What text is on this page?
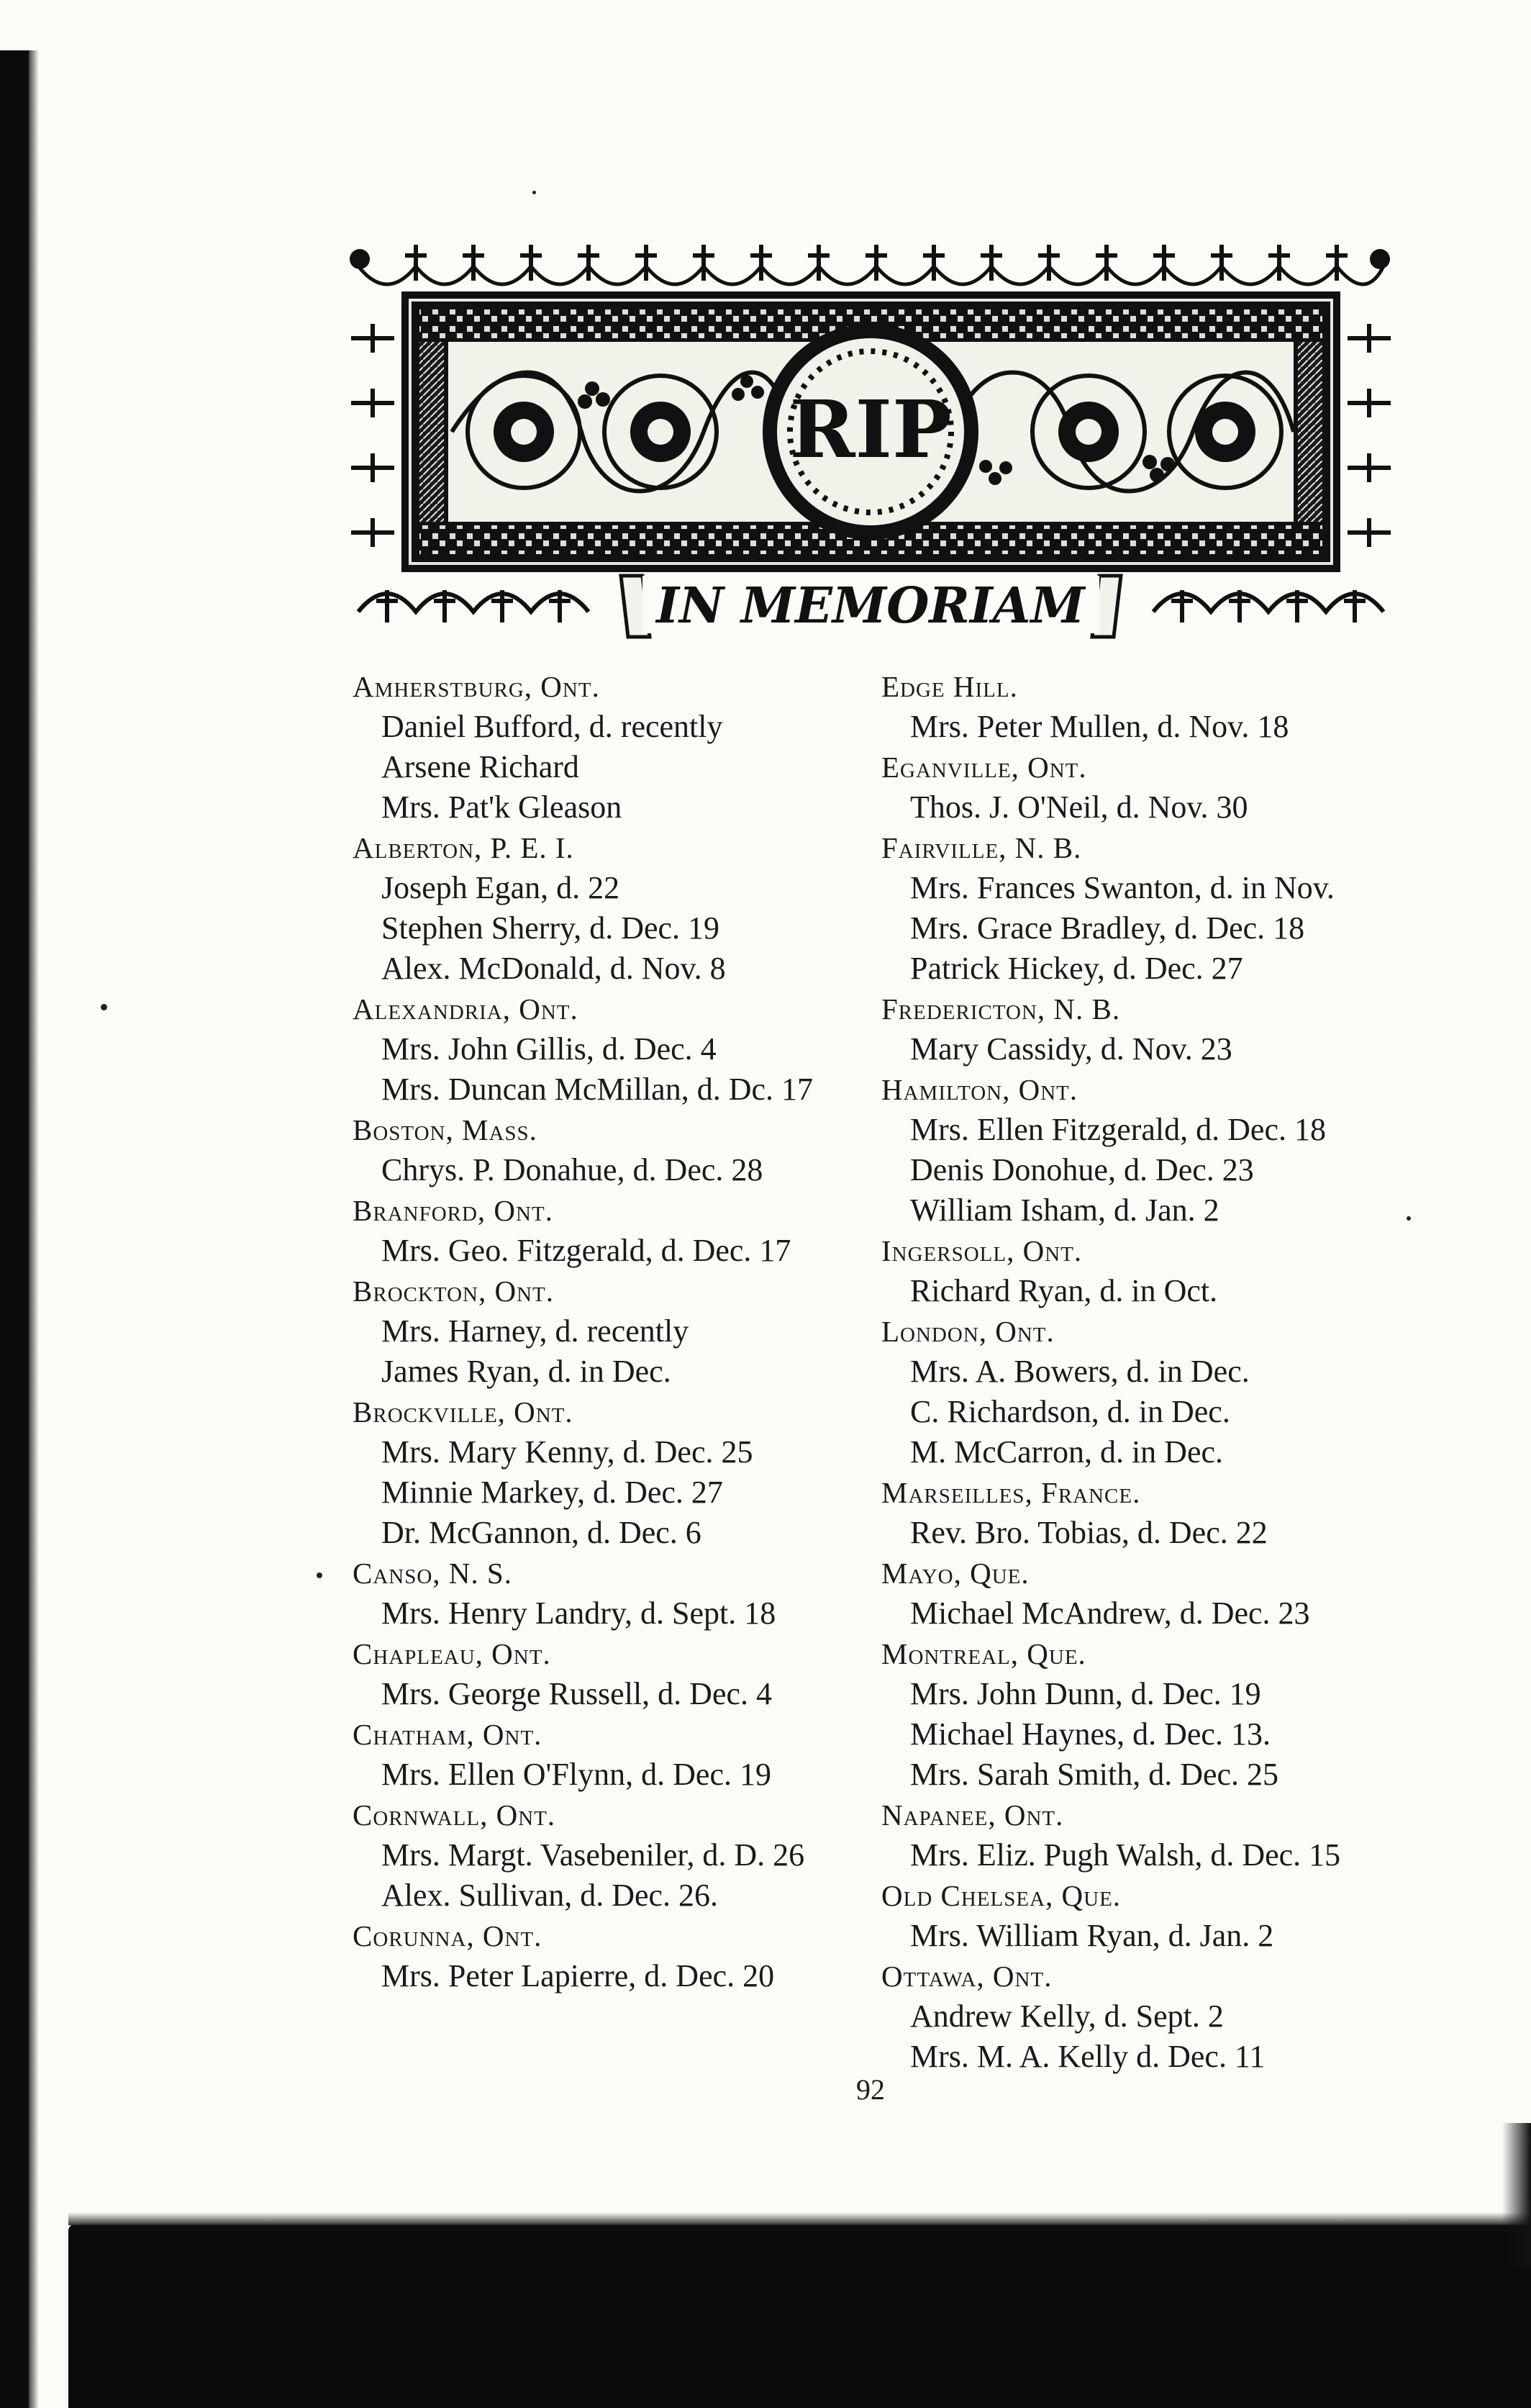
RIP
IN MEMORIAM
Amherstburg, Ont.
Daniel Bufford, d. recently
Arsene Richard
Mrs. Pat'k Gleason
Alberton, P. E. I.
Joseph Egan, d. 22
Stephen Sherry, d. Dec. 19
Alex. McDonald, d. Nov. 8
Alexandria, Ont.
Mrs. John Gillis, d. Dec. 4
Mrs. Duncan McMillan, d. Dc. 17
Boston, Mass.
Chrys. P. Donahue, d. Dec. 28
Branford, Ont.
Mrs. Geo. Fitzgerald, d. Dec. 17
Brockton, Ont.
Mrs. Harney, d. recently
James Ryan, d. in Dec.
Brockville, Ont.
Mrs. Mary Kenny, d. Dec. 25
Minnie Markey, d. Dec. 27
Dr. McGannon, d. Dec. 6
Canso, N. S.
Mrs. Henry Landry, d. Sept. 18
Chapleau, Ont.
Mrs. George Russell, d. Dec. 4
Chatham, Ont.
Mrs. Ellen O'Flynn, d. Dec. 19
Cornwall, Ont.
Mrs. Margt. Vasebeniler, d. D. 26
Alex. Sullivan, d. Dec. 26.
Corunna, Ont.
Mrs. Peter Lapierre, d. Dec. 20
Edge Hill.
Mrs. Peter Mullen, d. Nov. 18
Eganville, Ont.
Thos. J. O'Neil, d. Nov. 30
Fairville, N. B.
Mrs. Frances Swanton, d. in Nov.
Mrs. Grace Bradley, d. Dec. 18
Patrick Hickey, d. Dec. 27
Fredericton, N. B.
Mary Cassidy, d. Nov. 23
Hamilton, Ont.
Mrs. Ellen Fitzgerald, d. Dec. 18
Denis Donohue, d. Dec. 23
William Isham, d. Jan. 2
Ingersoll, Ont.
Richard Ryan, d. in Oct.
London, Ont.
Mrs. A. Bowers, d. in Dec.
C. Richardson, d. in Dec.
M. McCarron, d. in Dec.
Marseilles, France.
Rev. Bro. Tobias, d. Dec. 22
Mayo, Que.
Michael McAndrew, d. Dec. 23
Montreal, Que.
Mrs. John Dunn, d. Dec. 19
Michael Haynes, d. Dec. 13.
Mrs. Sarah Smith, d. Dec. 25
Napanee, Ont.
Mrs. Eliz. Pugh Walsh, d. Dec. 15
Old Chelsea, Que.
Mrs. William Ryan, d. Jan. 2
Ottawa, Ont.
Andrew Kelly, d. Sept. 2
Mrs. M. A. Kelly d. Dec. 11
92
